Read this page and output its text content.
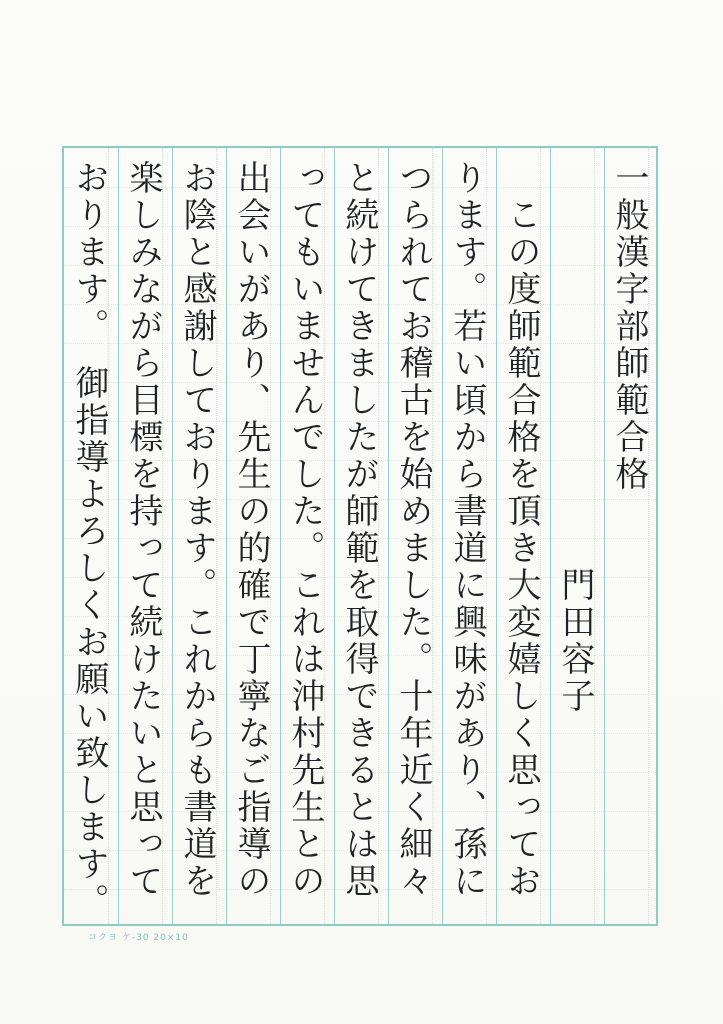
一般漢字部師範合格
　　　　　　　　　　　門田容子
　この度師範合格を頂き大変嬉しく思ってお
ります。若い頃から書道に興味があり、孫に
つられてお稽古を始めました。十年近く細々
と続けてきましたが師範を取得できるとは思
ってもいませんでした。これは沖村先生との
出会いがあり、先生の的確で丁寧なご指導の
お陰と感謝しております。これからも書道を
楽しみながら目標を持って続けたいと思って
おります。　御指導よろしくお願い致します。
コクヨ ケ-30 20×10
